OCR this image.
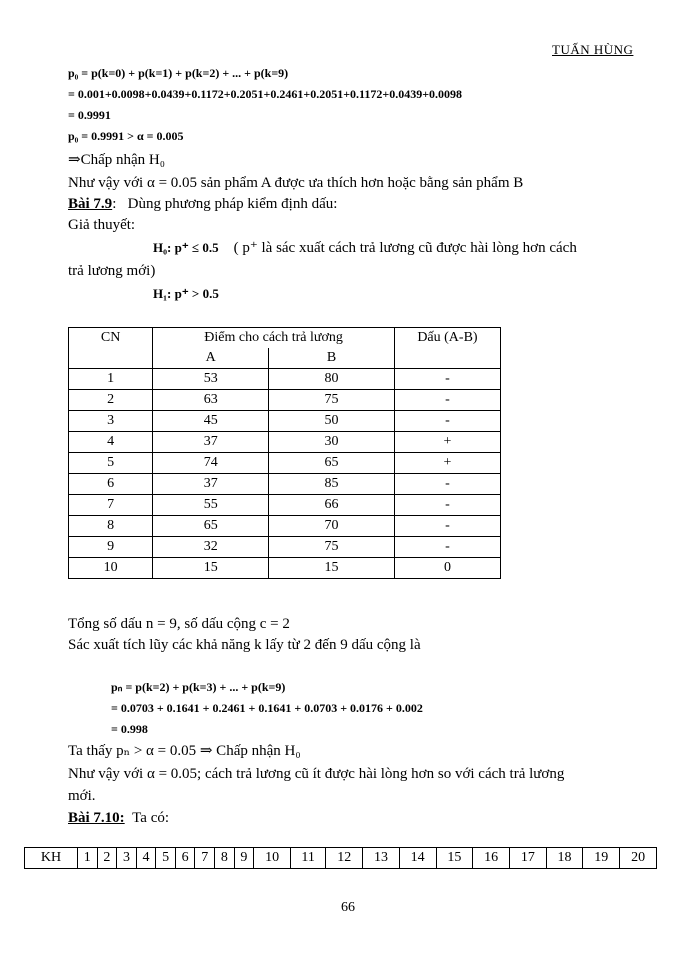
TUẤN HÙNG
p₀ = p(k=0) + p(k=1) + p(k=2) + ... + p(k=9)
= 0.001+0.0098+0.0439+0.1172+0.2051+0.2461+0.2051+0.1172+0.0439+0.0098
= 0.9991
p₀ = 0.9991 > α = 0.005
⇒Chấp nhận H₀
Như vậy với α = 0.05 sản phẩm A được ưa thích hơn hoặc bằng sản phẩm B
Bài 7.9: Dùng phương pháp kiểm định dấu:
Giả thuyết:
H₀: p⁺ ≤ 0.5 ( p⁺ là sác xuất cách trả lương cũ được hài lòng hơn cách
trả lương mới)
H₁: p⁺ > 0.5
CN	Điểm cho cách trả lương		Dấu (A-B)
	A	B	
1	53	80	-
2	63	75	-
3	45	50	-
4	37	30	+
5	74	65	+
6	37	85	-
7	55	66	-
8	65	70	-
9	32	75	-
10	15	15	0
Tổng số dấu n = 9, số dấu cộng c = 2
Sác xuất tích lũy các khả năng k lấy từ 2 đến 9 dấu cộng là
pₙ = p(k=2) + p(k=3) + ... + p(k=9)
= 0.0703 + 0.1641 + 0.2461 + 0.1641 + 0.0703 + 0.0176 + 0.002
= 0.998
Ta thấy pₙ > α = 0.05 ⇒ Chấp nhận H₀
Như vậy với α = 0.05; cách trả lương cũ ít được hài lòng hơn so với cách trả lương
mới.
Bài 7.10: Ta có:
KH	1	2	3	4	5	6	7	8	9	10	11	12	13	14	15	16	17	18	19	20
66
